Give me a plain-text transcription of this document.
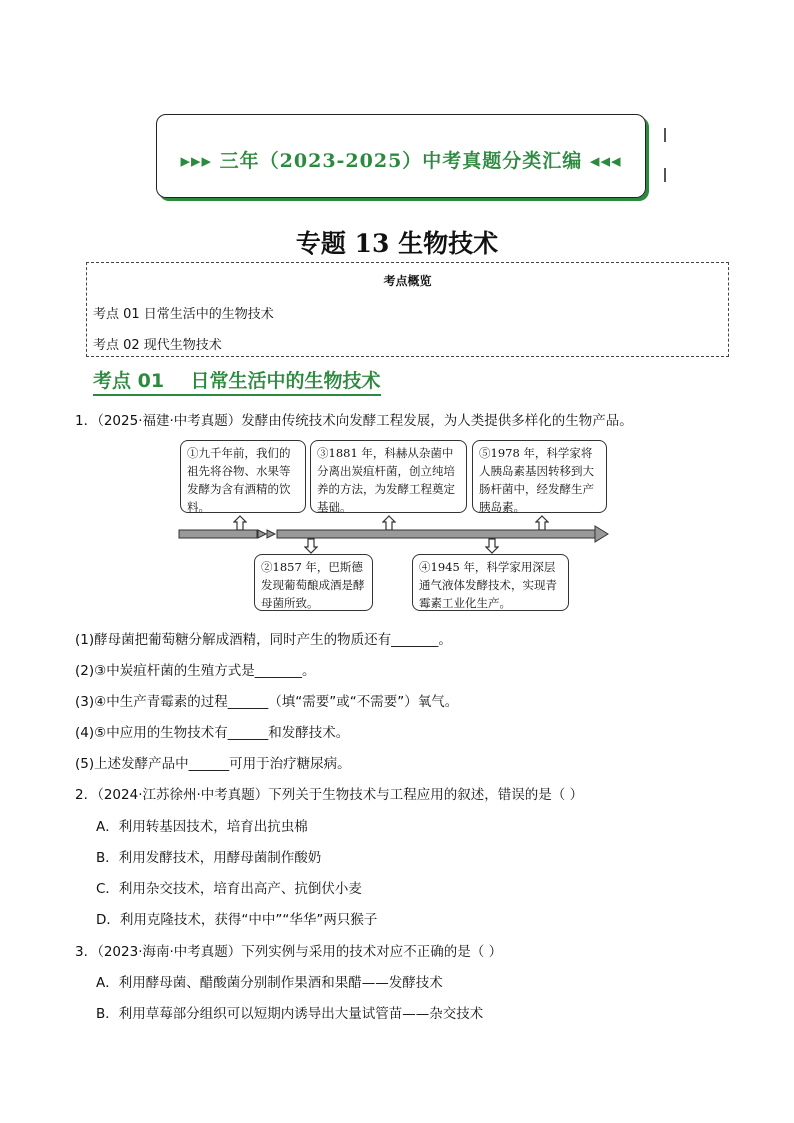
▸▸▸ 三年（2023-2025）中考真题分类汇编 ◂◂◂
专题 13 生物技术
考点概览
考点 01 日常生活中的生物技术
考点 02 现代生物技术
考点 01    日常生活中的生物技术
1．（2025·福建·中考真题）发酵由传统技术向发酵工程发展，为人类提供多样化的生物产品。
①九千年前，我们的祖先将谷物、水果等发酵为含有酒精的饮料。
③1881 年，科赫从杂菌中分离出炭疽杆菌，创立纯培养的方法，为发酵工程奠定基础。
⑤1978 年，科学家将人胰岛素基因转移到大肠杆菌中，经发酵生产胰岛素。
②1857 年，巴斯德发现葡萄酿成酒是酵母菌所致。
④1945 年，科学家用深层通气液体发酵技术，实现青霉素工业化生产。
(1)酵母菌把葡萄糖分解成酒精，同时产生的物质还有_______。
(2)③中炭疽杆菌的生殖方式是_______。
(3)④中生产青霉素的过程______（填“需要”或“不需要”）氧气。
(4)⑤中应用的生物技术有______和发酵技术。
(5)上述发酵产品中______可用于治疗糖尿病。
2．（2024·江苏徐州·中考真题）下列关于生物技术与工程应用的叙述，错误的是（ ）
A．利用转基因技术，培育出抗虫棉
B．利用发酵技术，用酵母菌制作酸奶
C．利用杂交技术，培育出高产、抗倒伏小麦
D．利用克隆技术，获得“中中”“华华”两只猴子
3．（2023·海南·中考真题）下列实例与采用的技术对应不正确的是（ ）
A．利用酵母菌、醋酸菌分别制作果酒和果醋——发酵技术
B．利用草莓部分组织可以短期内诱导出大量试管苗——杂交技术
